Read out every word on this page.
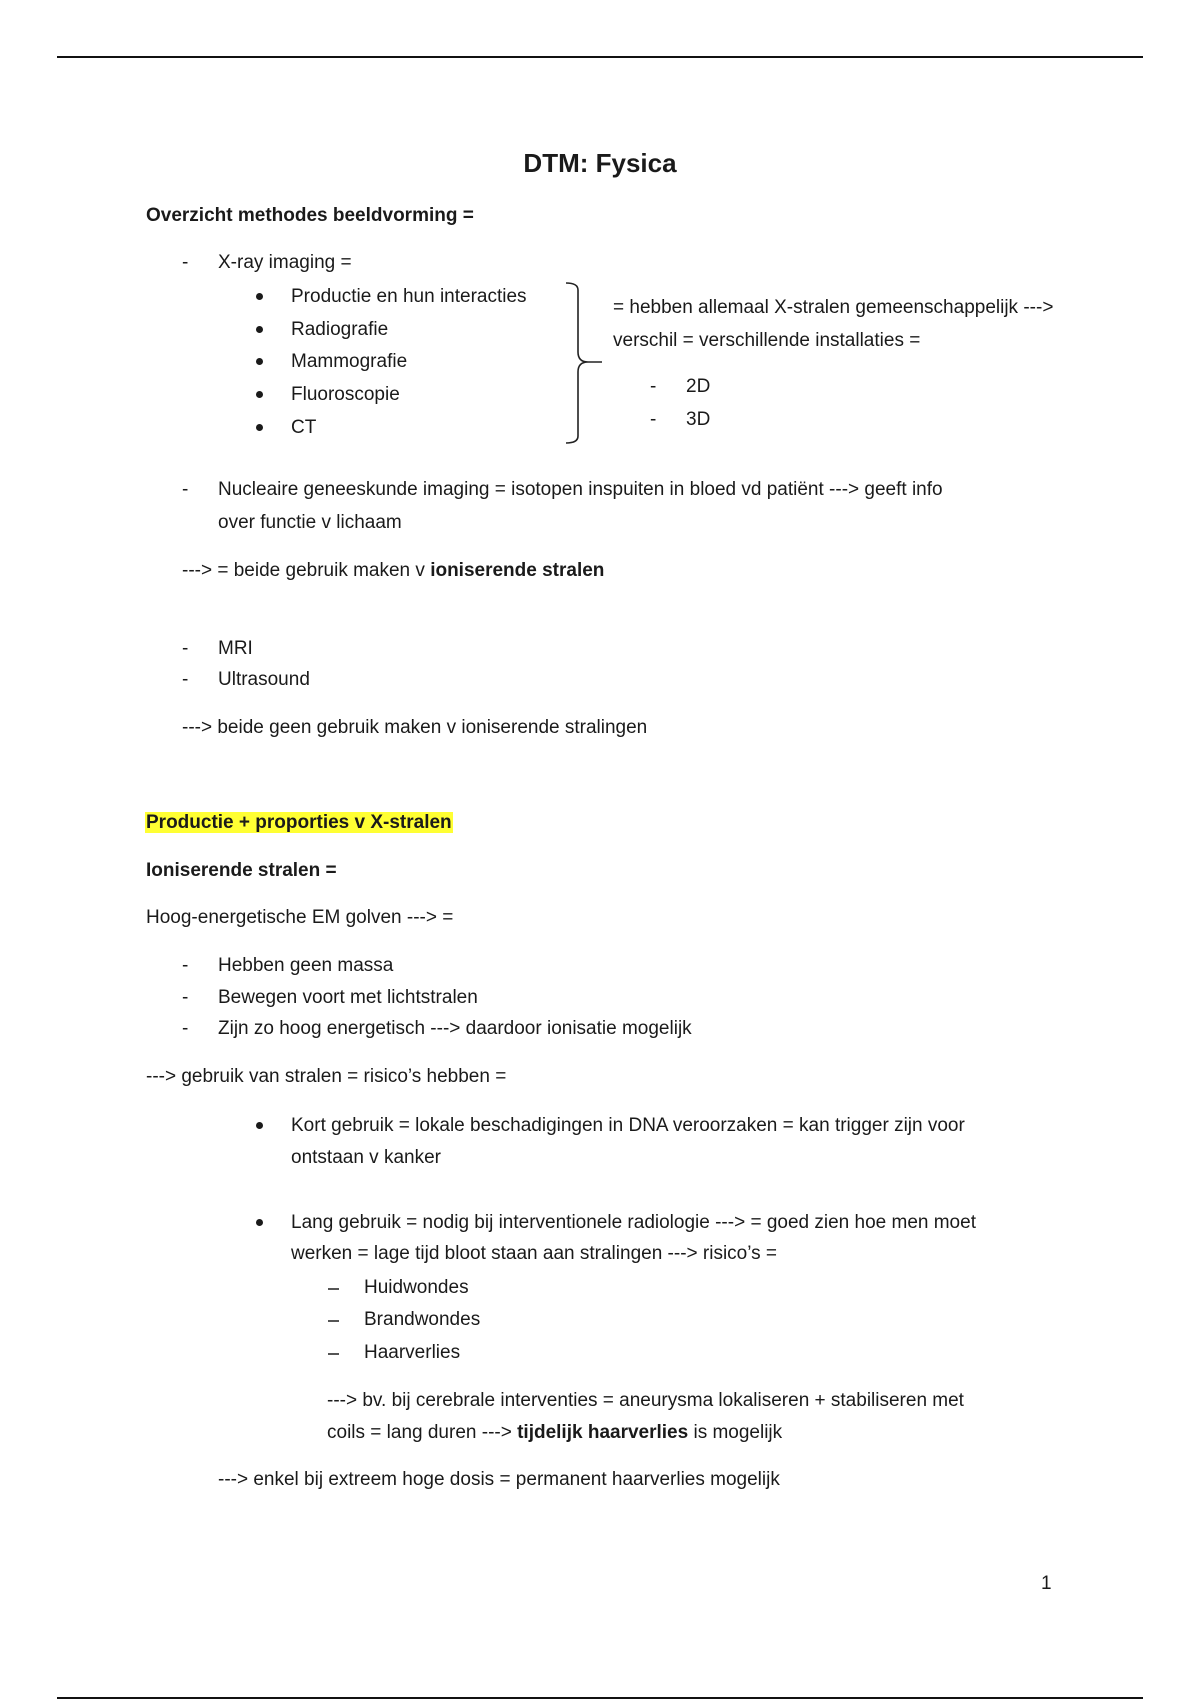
DTM: Fysica
Overzicht methodes beeldvorming =
- X-ray imaging =
Productie en hun interacties
Radiografie
Mammografie
Fluoroscopie
CT
= hebben allemaal X-stralen gemeenschappelijk --->
verschil = verschillende installaties =
- 2D
- 3D
- Nucleaire geneeskunde imaging = isotopen inspuiten in bloed vd patiënt ---> geeft info
over functie v lichaam
---> = beide gebruik maken v ioniserende stralen
- MRI
- Ultrasound
---> beide geen gebruik maken v ioniserende stralingen
Productie + proporties v X-stralen
Ioniserende stralen =
Hoog-energetische EM golven ---> =
- Hebben geen massa
- Bewegen voort met lichtstralen
- Zijn zo hoog energetisch ---> daardoor ionisatie mogelijk
---> gebruik van stralen = risico’s hebben =
Kort gebruik = lokale beschadigingen in DNA veroorzaken = kan trigger zijn voor
ontstaan v kanker
Lang gebruik = nodig bij interventionele radiologie ---> = goed zien hoe men moet
werken = lage tijd bloot staan aan stralingen ---> risico’s =
Huidwondes
Brandwondes
Haarverlies
---> bv. bij cerebrale interventies = aneurysma lokaliseren + stabiliseren met
coils = lang duren ---> tijdelijk haarverlies is mogelijk
---> enkel bij extreem hoge dosis = permanent haarverlies mogelijk
1
